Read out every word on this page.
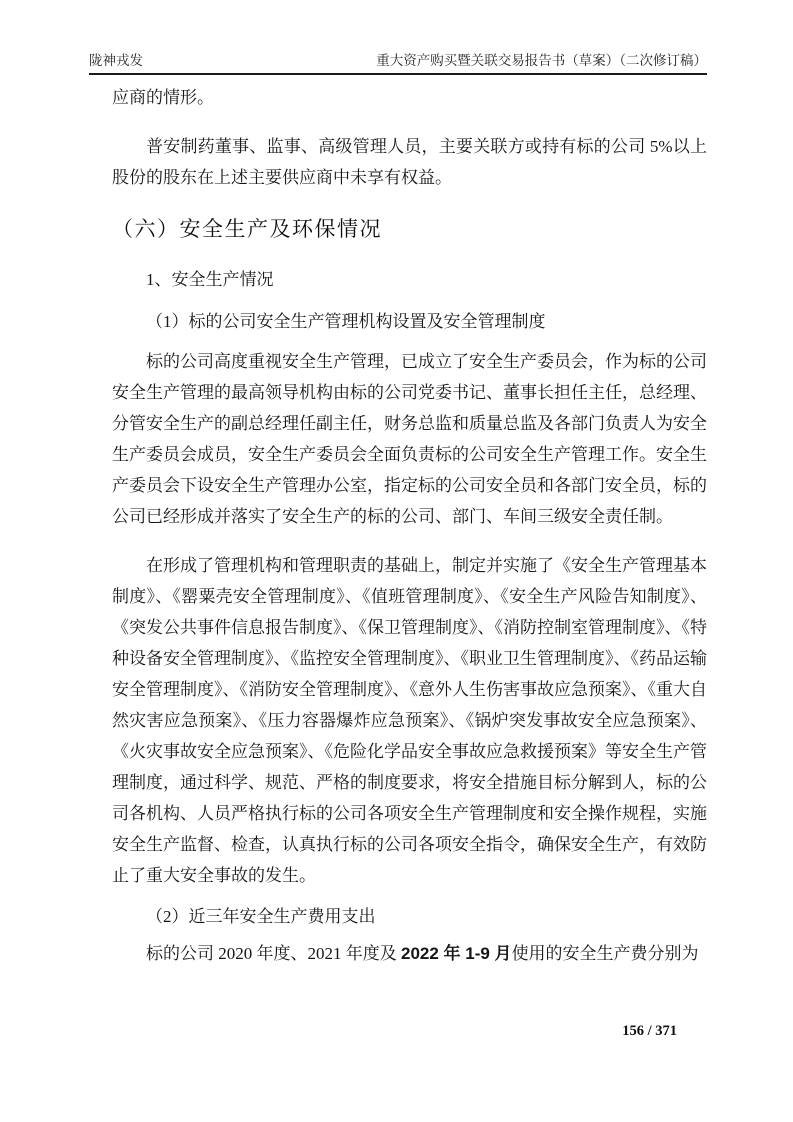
陇神戎发	重大资产购买暨关联交易报告书（草案）（二次修订稿）

应商的情形。

普安制药董事、监事、高级管理人员，主要关联方或持有标的公司 5%以上股份的股东在上述主要供应商中未享有权益。

（六）安全生产及环保情况

1、安全生产情况

（1）标的公司安全生产管理机构设置及安全管理制度

标的公司高度重视安全生产管理，已成立了安全生产委员会，作为标的公司安全生产管理的最高领导机构由标的公司党委书记、董事长担任主任，总经理、分管安全生产的副总经理任副主任，财务总监和质量总监及各部门负责人为安全生产委员会成员，安全生产委员会全面负责标的公司安全生产管理工作。安全生产委员会下设安全生产管理办公室，指定标的公司安全员和各部门安全员，标的公司已经形成并落实了安全生产的标的公司、部门、车间三级安全责任制。

在形成了管理机构和管理职责的基础上，制定并实施了《安全生产管理基本制度》、《罂粟壳安全管理制度》、《值班管理制度》、《安全生产风险告知制度》、《突发公共事件信息报告制度》、《保卫管理制度》、《消防控制室管理制度》、《特种设备安全管理制度》、《监控安全管理制度》、《职业卫生管理制度》、《药品运输安全管理制度》、《消防安全管理制度》、《意外人生伤害事故应急预案》、《重大自然灾害应急预案》、《压力容器爆炸应急预案》、《锅炉突发事故安全应急预案》、《火灾事故安全应急预案》、《危险化学品安全事故应急救援预案》等安全生产管理制度，通过科学、规范、严格的制度要求，将安全措施目标分解到人，标的公司各机构、人员严格执行标的公司各项安全生产管理制度和安全操作规程，实施安全生产监督、检查，认真执行标的公司各项安全指令，确保安全生产，有效防止了重大安全事故的发生。

（2）近三年安全生产费用支出

标的公司 2020 年度、2021 年度及 2022 年 1-9 月使用的安全生产费分别为

156 / 371
